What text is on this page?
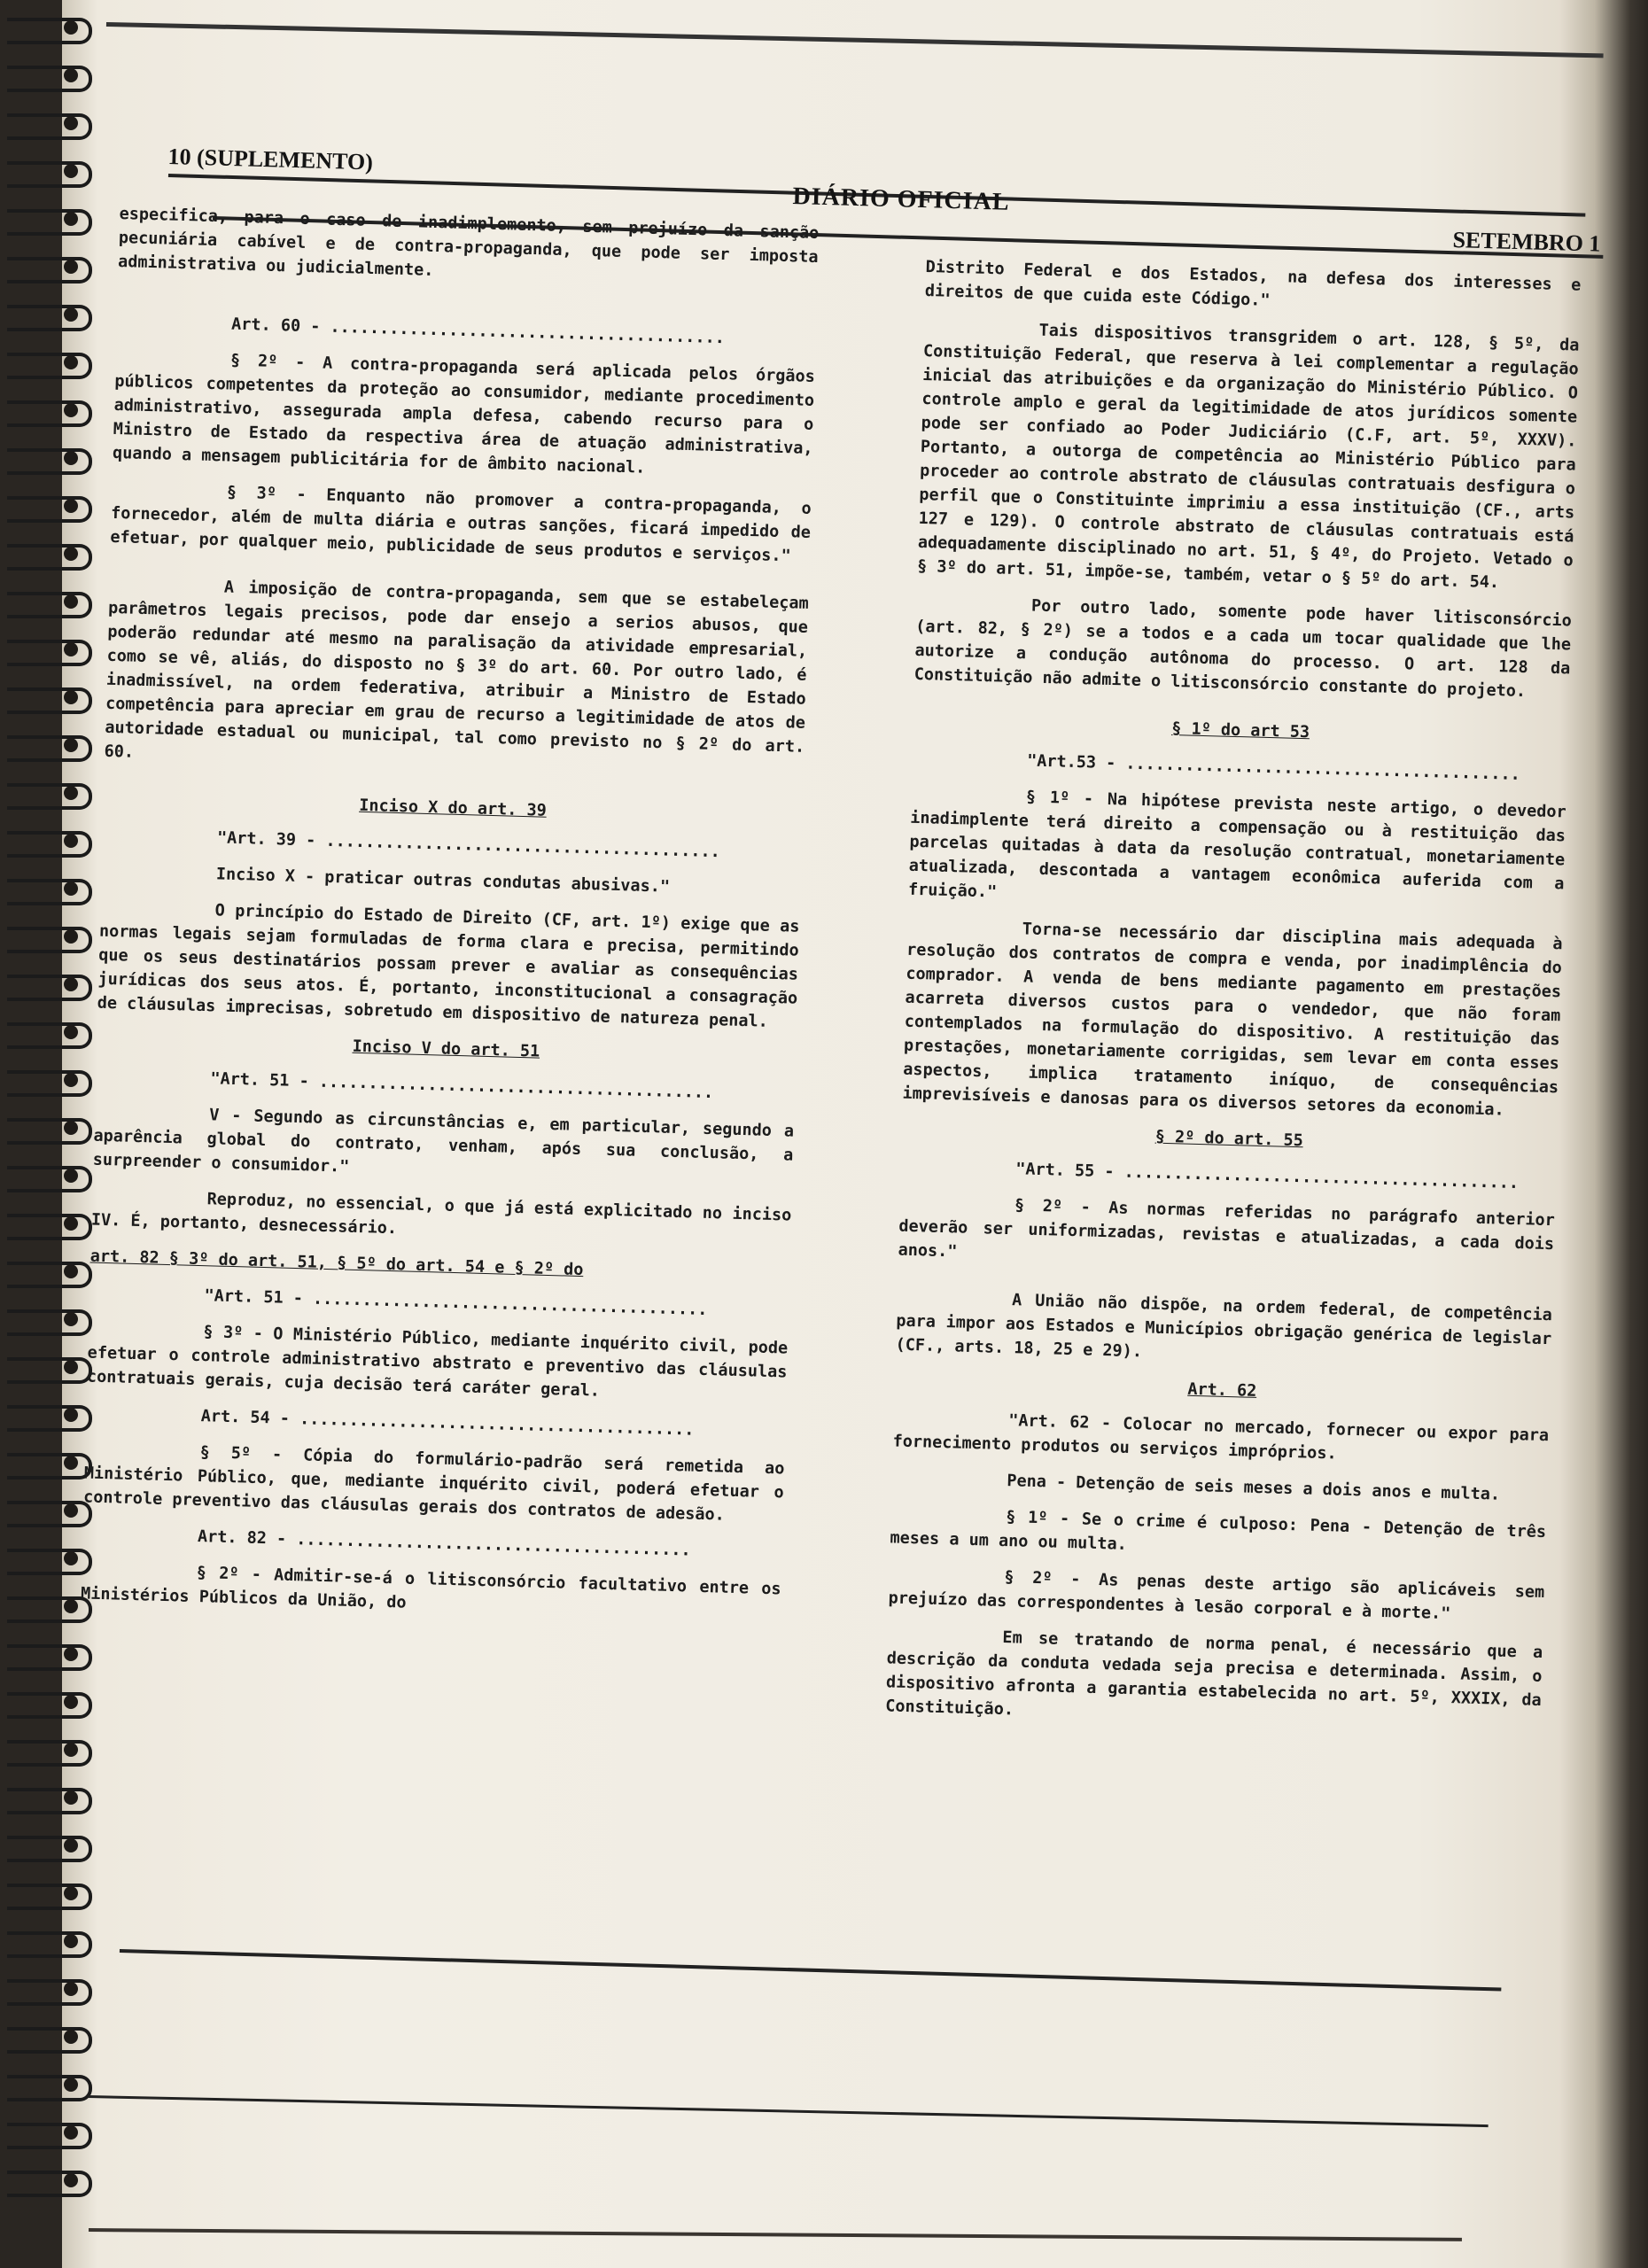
10 (SUPLEMENTO)
DIÁRIO OFICIAL
SETEMBRO 1

especifica, para o caso de inadimplemento, sem prejuízo da sanção pecuniária cabível e de contra-propaganda, que pode ser imposta administrativa ou judicialmente.

Art. 60 - ........................................

§ 2º - A contra-propaganda será aplicada pelos órgãos públicos competentes da proteção ao consumidor, mediante procedimento administrativo, assegurada ampla defesa, cabendo recurso para o Ministro de Estado da respectiva área de atuação administrativa, quando a mensagem publicitária for de âmbito nacional.

§ 3º - Enquanto não promover a contra-propaganda, o fornecedor, além de multa diária e outras sanções, ficará impedido de efetuar, por qualquer meio, publicidade de seus produtos e serviços."

A imposição de contra-propaganda, sem que se estabeleçam parâmetros legais precisos, pode dar ensejo a serios abusos, que poderão redundar até mesmo na paralisação da atividade empresarial, como se vê, aliás, do disposto no § 3º do art. 60. Por outro lado, é inadmissível, na ordem federativa, atribuir a Ministro de Estado competência para apreciar em grau de recurso a legitimidade de atos de autoridade estadual ou municipal, tal como previsto no § 2º do art. 60.

Inciso X do art. 39

"Art. 39 - ........................................

Inciso X - praticar outras condutas abusivas."

O princípio do Estado de Direito (CF, art. 1º) exige que as normas legais sejam formuladas de forma clara e precisa, permitindo que os seus destinatários possam prever e avaliar as consequências jurídicas dos seus atos. É, portanto, inconstitucional a consagração de cláusulas imprecisas, sobretudo em dispositivo de natureza penal.

Inciso V do art. 51

"Art. 51 - ........................................

V - Segundo as circunstâncias e, em particular, segundo a aparência global do contrato, venham, após sua conclusão, a surpreender o consumidor."

Reproduz, no essencial, o que já está explicitado no inciso IV. É, portanto, desnecessário.

art. 82 § 3º do art. 51, § 5º do art. 54 e § 2º do

"Art. 51 - ........................................

§ 3º - O Ministério Público, mediante inquérito civil, pode efetuar o controle administrativo abstrato e preventivo das cláusulas contratuais gerais, cuja decisão terá caráter geral.

Art. 54 - ........................................

§ 5º - Cópia do formulário-padrão será remetida ao Ministério Público, que, mediante inquérito civil, poderá efetuar o controle preventivo das cláusulas gerais dos contratos de adesão.

Art. 82 - ........................................

§ 2º - Admitir-se-á o litisconsórcio facultativo entre os Ministérios Públicos da União, do

Distrito Federal e dos Estados, na defesa dos interesses e direitos de que cuida este Código."

Tais dispositivos transgridem o art. 128, § 5º, da Constituição Federal, que reserva à lei complementar a regulação inicial das atribuições e da organização do Ministério Público. O controle amplo e geral da legitimidade de atos jurídicos somente pode ser confiado ao Poder Judiciário (C.F, art. 5º, XXXV). Portanto, a outorga de competência ao Ministério Público para proceder ao controle abstrato de cláusulas contratuais desfigura o perfil que o Constituinte imprimiu a essa instituição (CF., arts 127 e 129). O controle abstrato de cláusulas contratuais está adequadamente disciplinado no art. 51, § 4º, do Projeto. Vetado o § 3º do art. 51, impõe-se, também, vetar o § 5º do art. 54.

Por outro lado, somente pode haver litisconsórcio (art. 82, § 2º) se a todos e a cada um tocar qualidade que lhe autorize a condução autônoma do processo. O art. 128 da Constituição não admite o litisconsórcio constante do projeto.

§ 1º do art 53

"Art.53 - ........................................

§ 1º - Na hipótese prevista neste artigo, o devedor inadimplente terá direito a compensação ou à restituição das parcelas quitadas à data da resolução contratual, monetariamente atualizada, descontada a vantagem econômica auferida com a fruição."

Torna-se necessário dar disciplina mais adequada à resolução dos contratos de compra e venda, por inadimplência do comprador. A venda de bens mediante pagamento em prestações acarreta diversos custos para o vendedor, que não foram contemplados na formulação do dispositivo. A restituição das prestações, monetariamente corrigidas, sem levar em conta esses aspectos, implica tratamento iníquo, de consequências imprevisíveis e danosas para os diversos setores da economia.

§ 2º do art. 55

"Art. 55 - ........................................

§ 2º - As normas referidas no parágrafo anterior deverão ser uniformizadas, revistas e atualizadas, a cada dois anos."

A União não dispõe, na ordem federal, de competência para impor aos Estados e Municípios obrigação genérica de legislar (CF., arts. 18, 25 e 29).

Art. 62

"Art. 62 - Colocar no mercado, fornecer ou expor para fornecimento produtos ou serviços impróprios.

Pena - Detenção de seis meses a dois anos e multa.

§ 1º - Se o crime é culposo: Pena - Detenção de três meses a um ano ou multa.

§ 2º - As penas deste artigo são aplicáveis sem prejuízo das correspondentes à lesão corporal e à morte."

Em se tratando de norma penal, é necessário que a descrição da conduta vedada seja precisa e determinada. Assim, o dispositivo afronta a garantia estabelecida no art. 5º, XXXIX, da Constituição.
